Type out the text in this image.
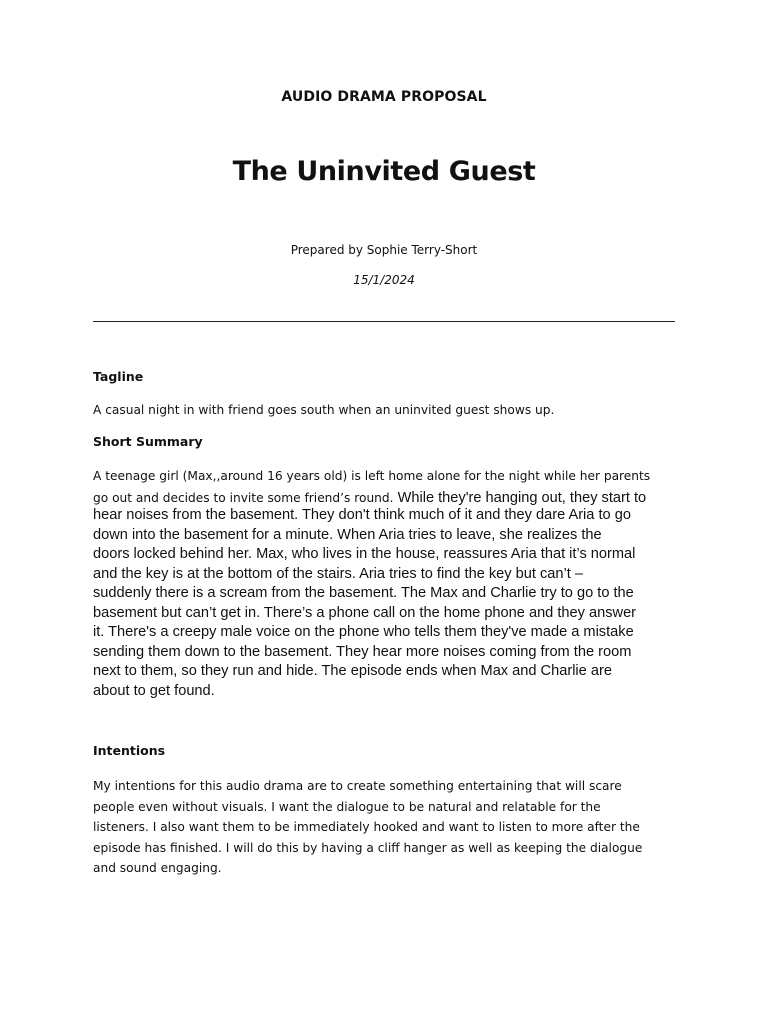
AUDIO DRAMA PROPOSAL
The Uninvited Guest
Prepared by Sophie Terry-Short
15/1/2024
Tagline

A casual night in with friend goes south when an uninvited guest shows up.

Short Summary

A teenage girl (Max,,around 16 years old) is left home alone for the night while her parents
go out and decides to invite some friend’s round. While they're hanging out, they start to
hear noises from the basement. They don't think much of it and they dare Aria to go
down into the basement for a minute. When Aria tries to leave, she realizes the
doors locked behind her. Max, who lives in the house, reassures Aria that it’s normal
and the key is at the bottom of the stairs. Aria tries to find the key but can’t –
suddenly there is a scream from the basement. The Max and Charlie try to go to the
basement but can’t get in. There’s a phone call on the home phone and they answer
it. There's a creepy male voice on the phone who tells them they've made a mistake
sending them down to the basement. They hear more noises coming from the room
next to them, so they run and hide. The episode ends when Max and Charlie are
about to get found.

Intentions

My intentions for this audio drama are to create something entertaining that will scare
people even without visuals. I want the dialogue to be natural and relatable for the
listeners. I also want them to be immediately hooked and want to listen to more after the
episode has finished. I will do this by having a cliff hanger as well as keeping the dialogue
and sound engaging.
